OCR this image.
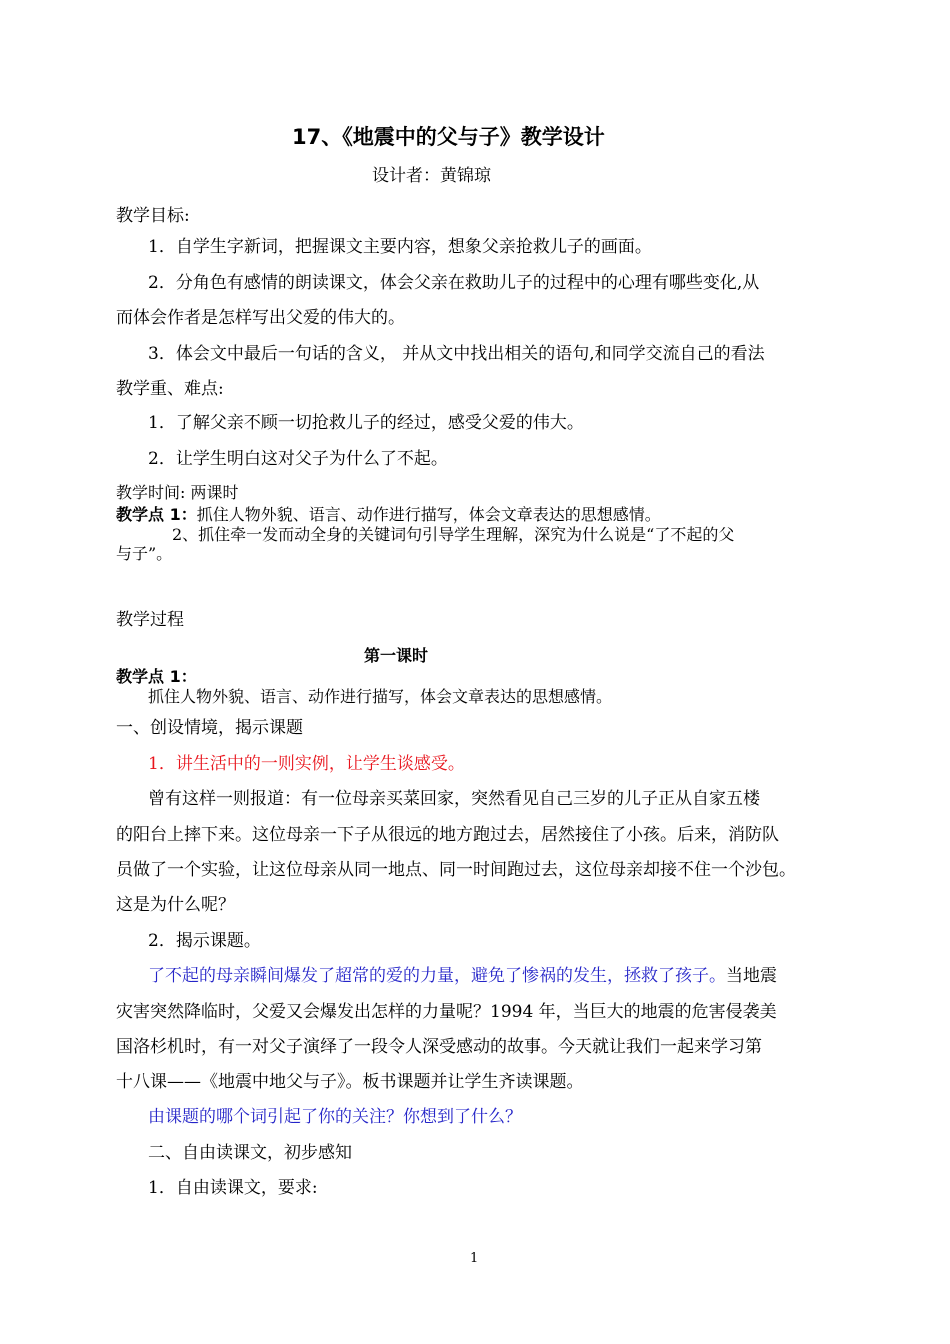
17、《地震中的父与子》教学设计
设计者：黄锦琼
教学目标:
1．自学生字新词，把握课文主要内容，想象父亲抢救儿子的画面。
2．分角色有感情的朗读课文，体会父亲在救助儿子的过程中的心理有哪些变化,从
而体会作者是怎样写出父爱的伟大的。
3．体会文中最后一句话的含义， 并从文中找出相关的语句,和同学交流自己的看法
教学重、难点:
1．了解父亲不顾一切抢救儿子的经过，感受父爱的伟大。
2．让学生明白这对父子为什么了不起。
教学时间: 两课时
教学点 1：抓住人物外貌、语言、动作进行描写，体会文章表达的思想感情。
2、抓住牵一发而动全身的关键词句引导学生理解，深究为什么说是“了不起的父
与子”。
教学过程
第一课时
教学点 1：
抓住人物外貌、语言、动作进行描写，体会文章表达的思想感情。
一、创设情境，揭示课题
1．讲生活中的一则实例，让学生谈感受。
曾有这样一则报道：有一位母亲买菜回家，突然看见自己三岁的儿子正从自家五楼
的阳台上摔下来。这位母亲一下子从很远的地方跑过去，居然接住了小孩。后来，消防队
员做了一个实验，让这位母亲从同一地点、同一时间跑过去，这位母亲却接不住一个沙包。
这是为什么呢？
2．揭示课题。
了不起的母亲瞬间爆发了超常的爱的力量，避免了惨祸的发生，拯救了孩子。当地震
灾害突然降临时，父爱又会爆发出怎样的力量呢？1994 年，当巨大的地震的危害侵袭美
国洛杉机时，有一对父子演绎了一段令人深受感动的故事。今天就让我们一起来学习第
十八课——《地震中地父与子》。板书课题并让学生齐读课题。
由课题的哪个词引起了你的关注？你想到了什么？
二、自由读课文，初步感知
1．自由读课文，要求:
1
